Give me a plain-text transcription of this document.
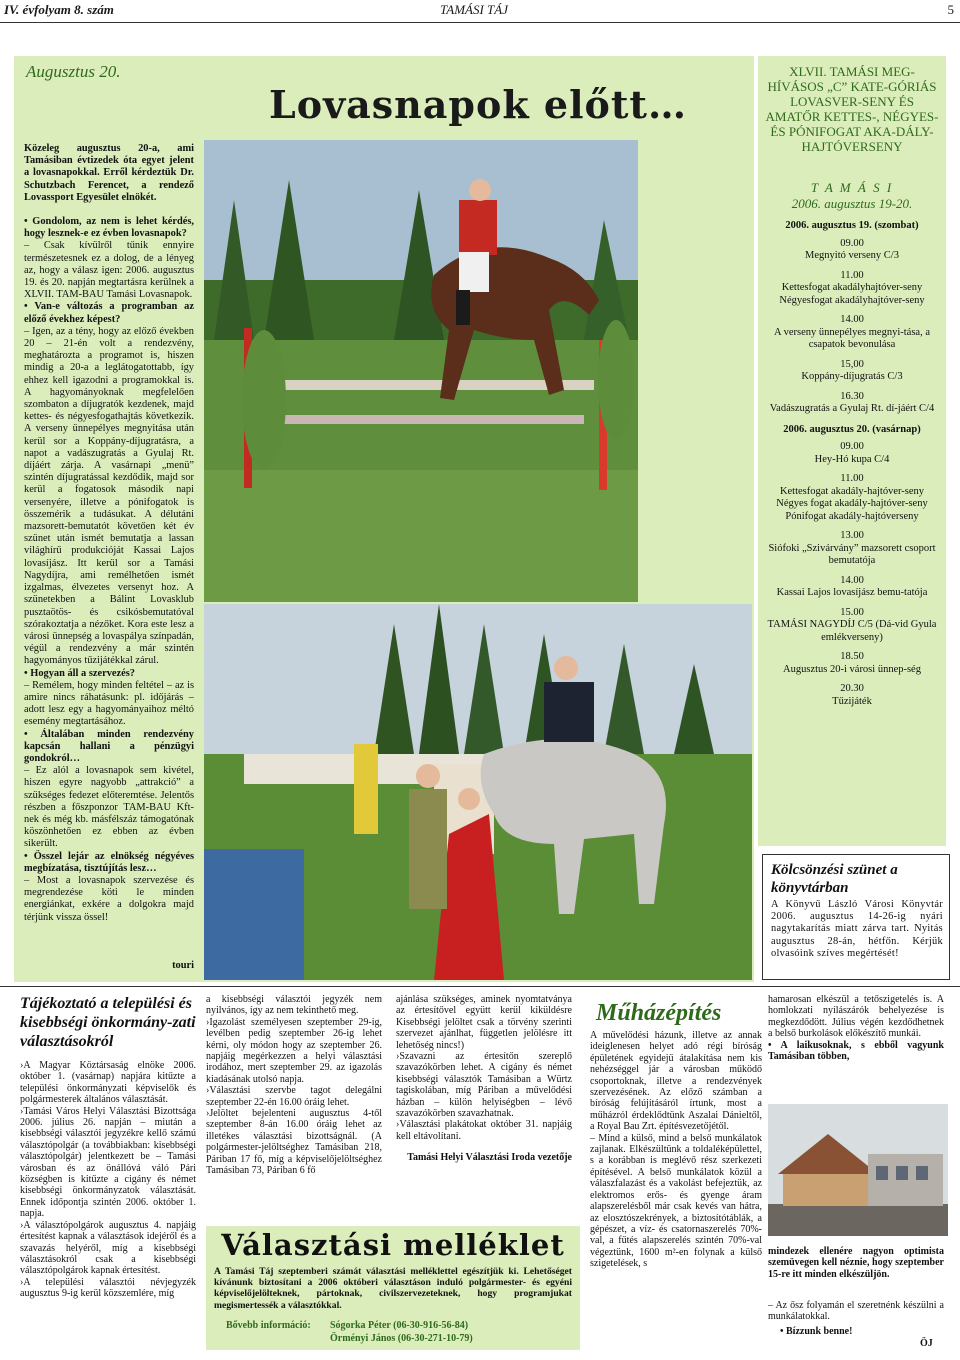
IV. évfolyam 8. szám	TAMÁSI TÁJ	5
Augusztus 20.
Közeleg augusztus 20-a, ami Tamásiban évtizedek óta egyet jelent a lovasnapokkal. Erről kérdeztük Dr. Schutzbach Ferencet, a rendező Lovassport Egyesület elnökét.
• Gondolom, az nem is lehet kérdés, hogy lesznek-e ez évben lovasnapok?
– Csak kívülről tűnik ennyire természetesnek ez a dolog, de a lényeg az, hogy a válasz igen: 2006. augusztus 19. és 20. napján megtartásra kerülnek a XLVII. TAM-BAU Tamási Lovasnapok.
• Van-e változás a programban az előző évekhez képest?
– Igen, az a tény, hogy az előző években 20 – 21-én volt a rendezvény, meghatározta a programot is, hiszen mindig a 20-a a leglátogatottabb, így ehhez kell igazodni a programokkal is. A hagyományoknak megfelelően szombaton a díjugratók kezdenek, majd kettes- és négyesfogathajtás következik. A verseny ünnepélyes megnyitása után kerül sor a Koppány-díjugratásra, a napot a vadászugratás a Gyulaj Rt. díjáért zárja. A vasárnapi „menü” szintén díjugratással kezdődik, majd sor kerül a fogatosok második napi versenyére, illetve a pónifogatok is összemérik a tudásukat. A délutáni mazsorett-bemutatót követően két év szünet után ismét bemutatja a lassan világhírű produkcióját Kassai Lajos lovasíjász. Itt kerül sor a Tamási Nagydíjra, ami remélhetően ismét izgalmas, élvezetes versenyt hoz. A szünetekben a Bálint Lovasklub pusztaötös- és csikósbemutatóval szórakoztatja a nézőket. Kora este lesz a városi ünnepség a lovaspálya színpadán, végül a rendezvény a már szintén hagyományos tűzijátékkal zárul.
• Hogyan áll a szervezés?
– Remélem, hogy minden feltétel – az is amire nincs ráhatásunk: pl. időjárás – adott lesz egy a hagyományaihoz méltó esemény megtartásához.
• Általában minden rendezvény kapcsán hallani a pénzügyi gondokról…
– Ez alól a lovasnapok sem kivétel, hiszen egyre nagyobb „attrakció” a szükséges fedezet előteremtése. Jelentős részben a főszponzor TAM-BAU Kft-nek és még kb. másfélszáz támogatónak köszönhetően ez ebben az évben sikerült.
• Összel lejár az elnökség négyéves megbízatása, tisztújítás lesz…
– Most a lovasnapok szervezése és megrendezése köti le minden energiánkat, exkére a dolgokra majd térjünk vissza össel!
touri
Lovasnapok előtt…
XLVII. TAMÁSI MEG-HÍVÁSOS „C” KATE-GÓRIÁS LOVASVER-SENY ÉS AMATŐR KETTES-, NÉGYES- ÉS PÓNIFOGAT AKA-DÁLY-HAJTÓVERSENY
T A M Á S I
2006. augusztus 19-20.
2006. augusztus 19. (szombat)
09.00
Megnyitó verseny C/3
11.00
Kettesfogat akadályhajtóver-seny Négyesfogat akadályhajtóver-seny
14.00
A verseny ünnepélyes megnyi-tása, a csapatok bevonulása
15,00
Koppány-díjugratás C/3
16.30
Vadászugratás a Gyulaj Rt. dí-jáért C/4
2006. augusztus 20. (vasárnap)
09.00
Hey-Hó kupa C/4
11.00
Kettesfogat akadály-hajtóver-seny Négyes fogat akadály-hajtóver-seny Pónifogat akadály-hajtóverseny
13.00
Siófoki „Szivárvány” mazsorett csoport bemutatója
14.00
Kassai Lajos lovasíjász bemu-tatója
15.00
TAMÁSI NAGYDÍJ C/5 (Dá-vid Gyula emlékverseny)
18.50
Augusztus 20-i városi ünnep-ség
20.30
Tűzijáték
Kölcsönzési szünet a könyvtárban
A Könyvű László Városi Könyvtár 2006. augusztus 14-26-ig nyári nagytakarítás miatt zárva tart. Nyitás augusztus 28-án, hétfőn. Kérjük olvasóink szíves megértését!
Tájékoztató a települési és kisebbségi önkormány-zati választásokról
›A Magyar Köztársaság elnöke 2006. október 1. (vasárnap) napjára kitűzte a települési önkormányzati képviselők és polgármesterek általános választását.
›Tamási Város Helyi Választási Bizottsága 2006. július 26. napján – miután a kisebbségi választói jegyzékre kellő számú választópolgár (a továbbiakban: kisebbségi választópolgár) jelentkezett be – Tamási városban és az önállóvá váló Pári községben is kitűzte a cigány és német kisebbségi önkormányzatok választását. Ennek időpontja szintén 2006. október 1. napja.
›A választópolgárok augusztus 4. napjáig értesítést kapnak a választások idejéről és a szavazás helyéről, míg a kisebbségi választásokról csak a kisebbségi választópolgárok kapnak értesítést.
›A települési választói névjegyzék augusztus 9-ig kerül közszemlére, míg
a kisebbségi választói jegyzék nem nyilvános, így az nem tekinthető meg.
›Igazolást személyesen szeptember 29-ig, levélben pedig szeptember 26-ig lehet kérni, oly módon hogy az szeptember 26. napjáig megérkezzen a helyi választási irodához, mert szeptember 29. az igazolás kiadásának utolsó napja.
›Választási szervbe tagot delegálni szeptember 22-én 16.00 óráig lehet.
›Jelöltet bejelenteni augusztus 4-től szeptember 8-án 16.00 óráig lehet az illetékes választási bizottságnál. (A polgármester-jelöltséghez Tamásiban 218, Páriban 17 fő, míg a képviselőjelöltséghez Tamásiban 73, Páriban 6 fő
ajánlása szükséges, aminek nyomtatványa az értesítővel együtt kerül kiküldésre Kisebbségi jelöltet csak a törvény szerinti szervezet ajánlhat, független jelölésre itt lehetőség nincs!)
›Szavazni az értesítőn szereplő szavazókörben lehet. A cigány és német kisebbségi választók Tamásiban a Würtz tagiskolában, míg Páriban a művelődési házban – külön helyiségben – lévő szavazókörben szavazhatnak.
›Választási plakátokat október 31. napjáig kell eltávolítani.
Tamási Helyi Választási Iroda vezetője
Választási melléklet
A Tamási Táj szeptemberi számát választási melléklettel egészítjük ki. Lehetőséget kívánunk biztosítani a 2006 októberi választáson induló polgármester- és egyéni képviselőjelölteknek, pártoknak, civilszervezeteknek, hogy programjukat megismertessék a választókkal.
Bővebb információ: Sógorka Péter (06-30-916-56-84)
Örményi János (06-30-271-10-79)
Műházépítés
A művelődési házunk, illetve az annak ideiglenesen helyet adó régi bíróság épületének egyidejű átalakítása nem kis nehézséggel jár a városban működő csoportoknak, illetve a rendezvények szervezésének. Az előző számban a bíróság felújításáról írtunk, most a műházról érdeklődtünk Aszalai Dánieltől, a Royal Bau Zrt. építésvezetőjétől.
– Mind a külső, mind a belső munkálatok zajlanak. Elkészültünk a toldaléképülettel, s a korábban is meglévő rész szerkezeti építésével. A belső munkálatok közül a válaszfalazást és a vakolást befejeztük, az elektromos erős- és gyenge áram alapszerelésből már csak kevés van hátra, az elosztószekrények, a biztosítótáblák, a gépészet, a víz- és csatornaszerelés 70%-val, a fűtés alapszerelés szintén 70%-val végeztünk, 1600 m²-en folynak a külső szigetelések, s
hamarosan elkészül a tetőszigetelés is. A homlokzati nyílászárók behelyezése is megkezdődött. Július végén kezdődhetnek a belső burkolások előkészítő munkái.
• A laikusoknak, s ebből vagyunk Tamásiban többen,
mindezek ellenére nagyon optimista szemüvegen kell néznie, hogy szeptember 15-re itt minden elkészüljön.
– Az ősz folyamán el szeretnénk készülni a munkálatokkal.
• Bízzunk benne!
ÖJ
